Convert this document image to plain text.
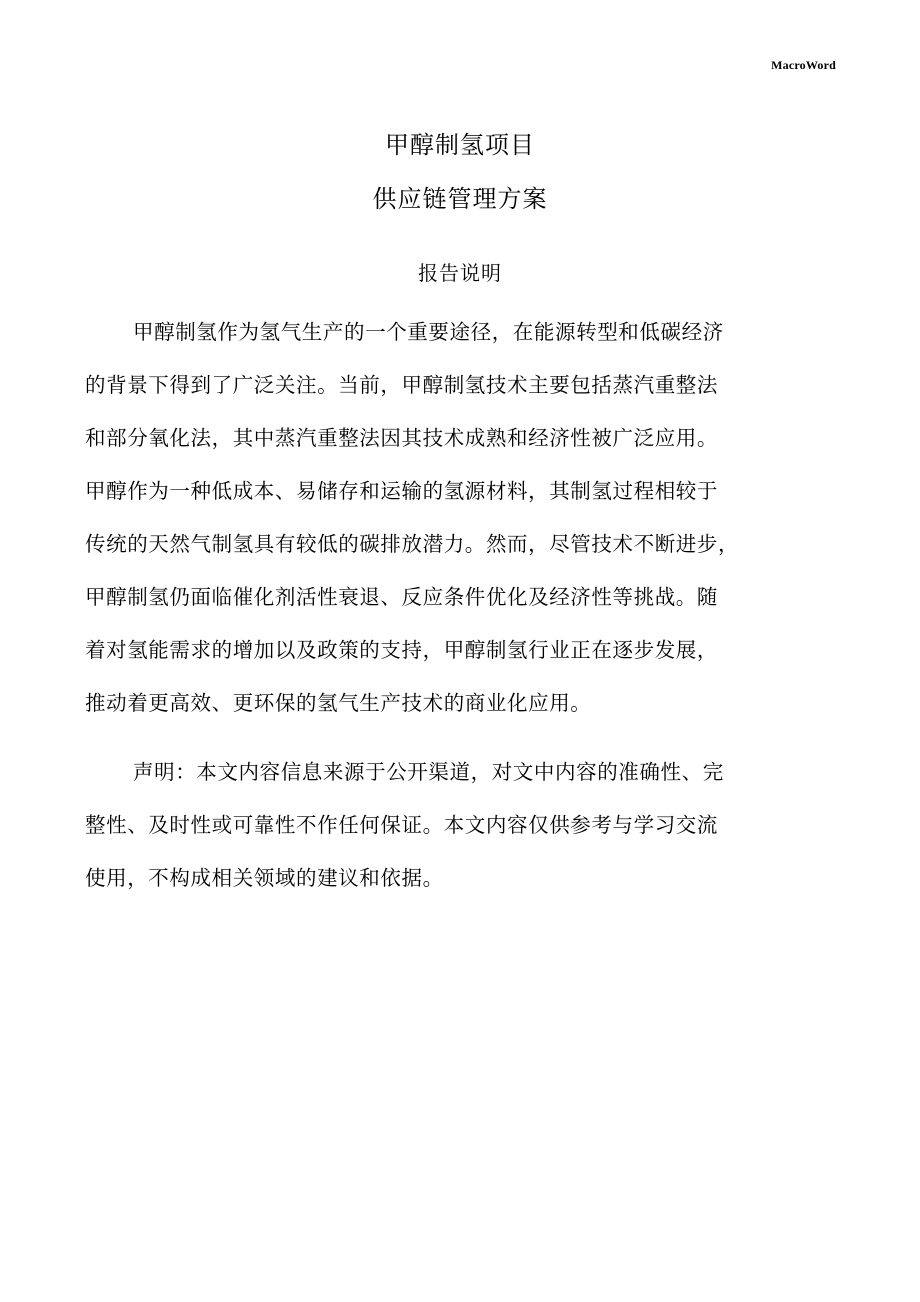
MacroWord
甲醇制氢项目
供应链管理方案
报告说明
甲醇制氢作为氢气生产的一个重要途径，在能源转型和低碳经济
的背景下得到了广泛关注。当前，甲醇制氢技术主要包括蒸汽重整法
和部分氧化法，其中蒸汽重整法因其技术成熟和经济性被广泛应用。
甲醇作为一种低成本、易储存和运输的氢源材料，其制氢过程相较于
传统的天然气制氢具有较低的碳排放潜力。然而，尽管技术不断进步，
甲醇制氢仍面临催化剂活性衰退、反应条件优化及经济性等挑战。随
着对氢能需求的增加以及政策的支持，甲醇制氢行业正在逐步发展，
推动着更高效、更环保的氢气生产技术的商业化应用。
声明：本文内容信息来源于公开渠道，对文中内容的准确性、完
整性、及时性或可靠性不作任何保证。本文内容仅供参考与学习交流
使用，不构成相关领域的建议和依据。
